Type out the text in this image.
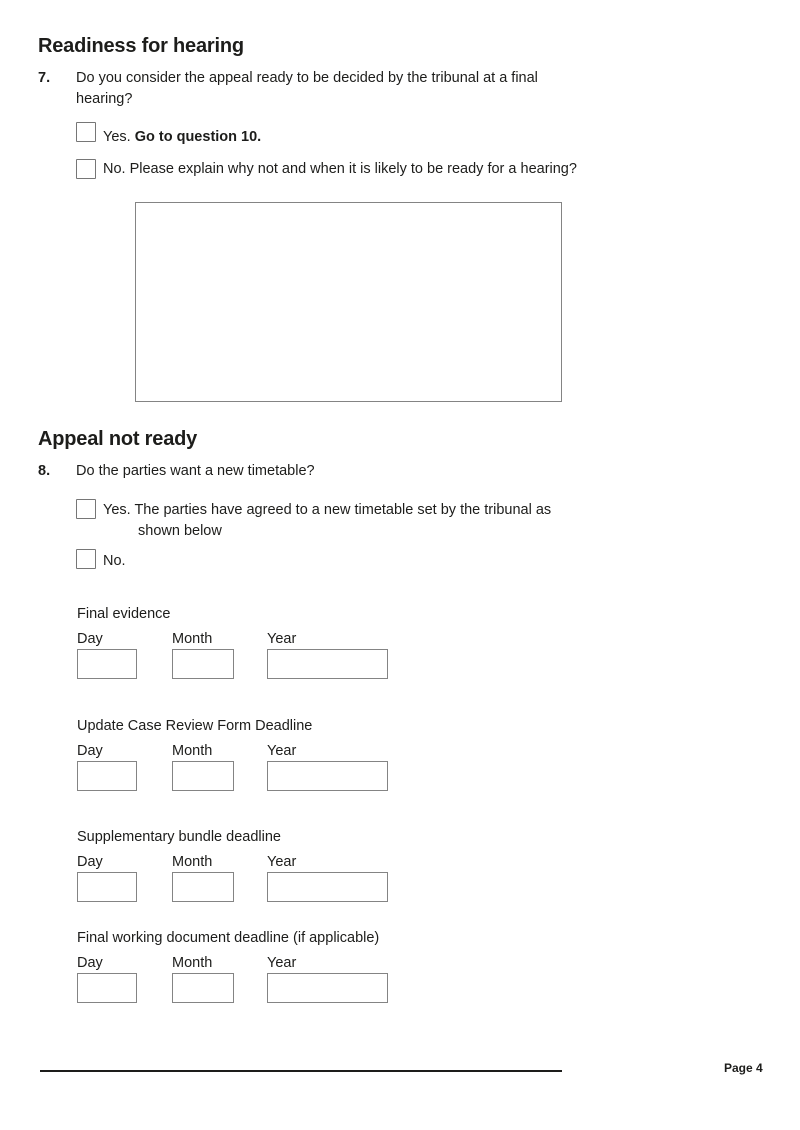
Readiness for hearing
7. Do you consider the appeal ready to be decided by the tribunal at a final hearing?
Yes. Go to question 10.
No. Please explain why not and when it is likely to be ready for a hearing?
Appeal not ready
8. Do the parties want a new timetable?
Yes. The parties have agreed to a new timetable set by the tribunal as shown below
No.
Final evidence
Day	Month	Year
Update Case Review Form Deadline
Day	Month	Year
Supplementary bundle deadline
Day	Month	Year
Final working document deadline (if applicable)
Day	Month	Year
Page 4
